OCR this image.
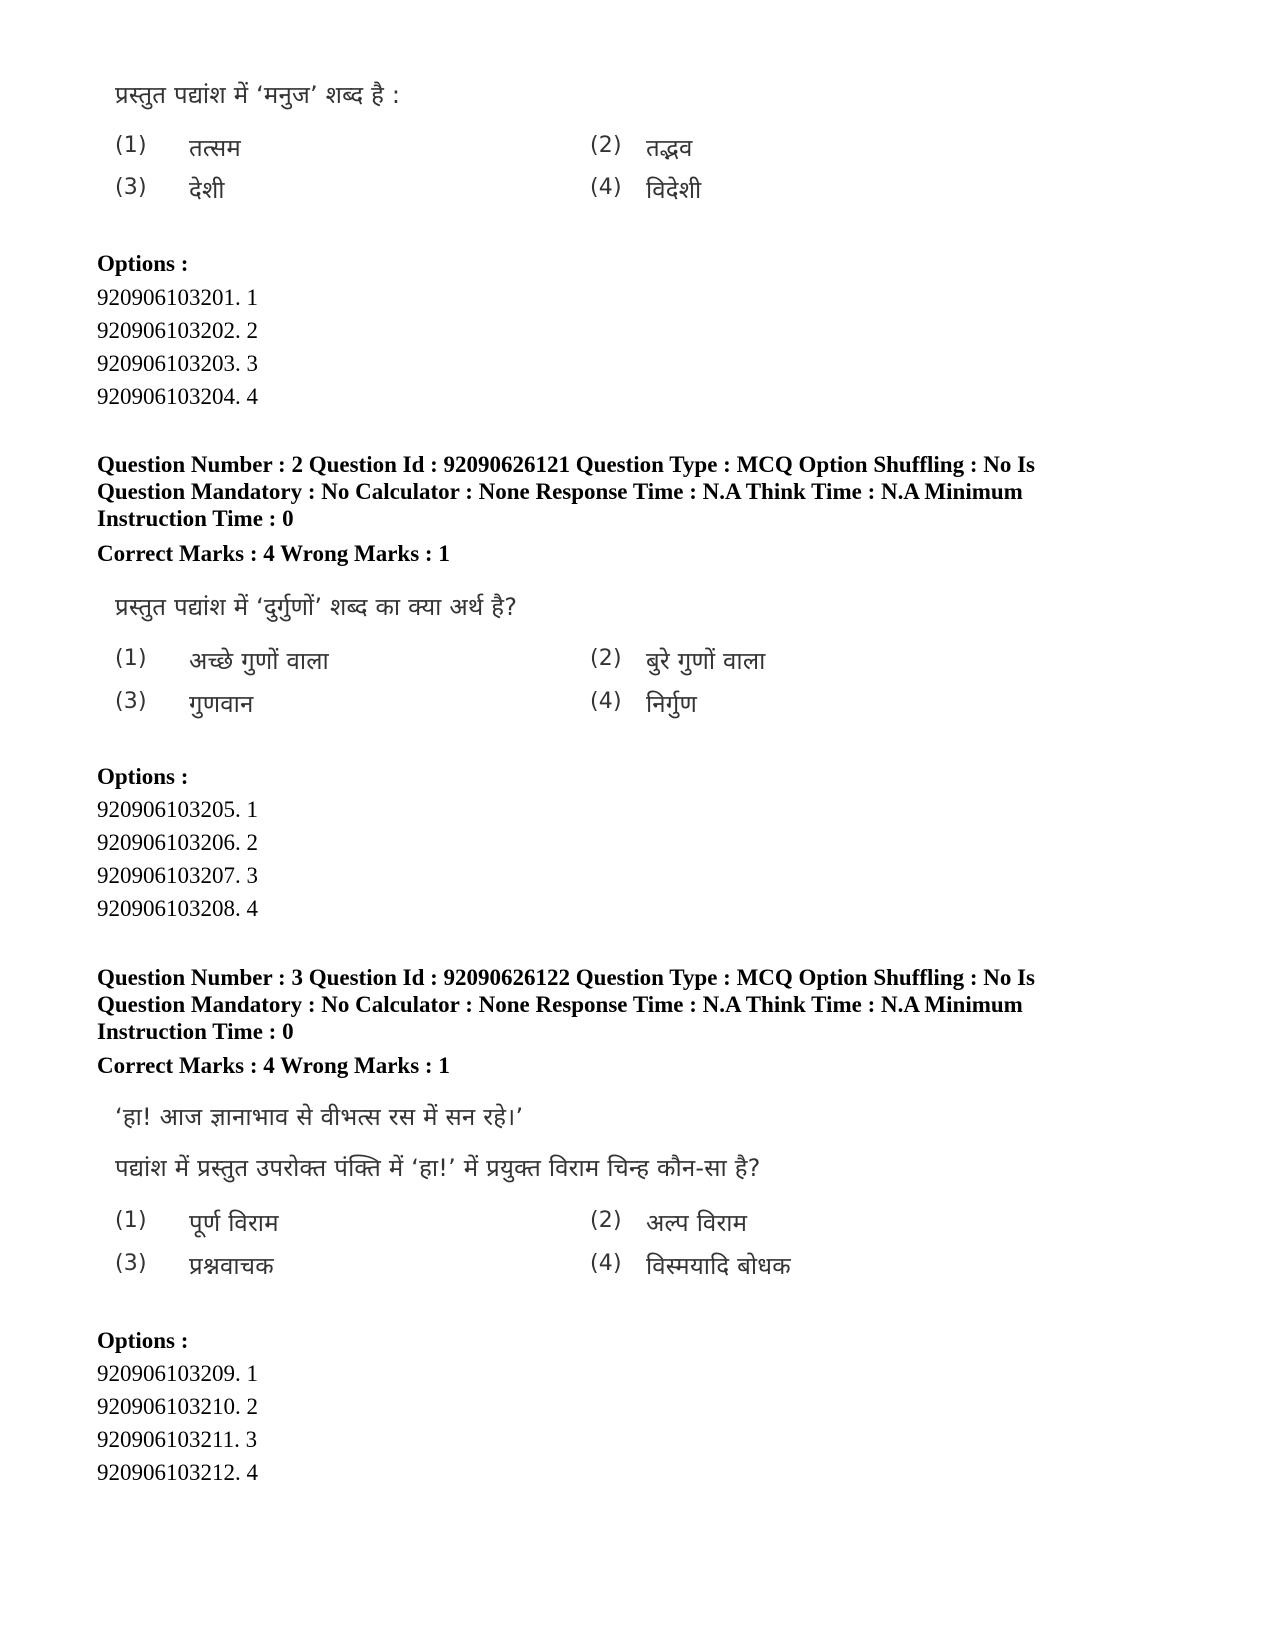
प्रस्तुत पद्यांश में ‘मनुज’ शब्द है :
(1) तत्सम	(2) तद्भव
(3) देशी	(4) विदेशी
Options :
920906103201. 1
920906103202. 2
920906103203. 3
920906103204. 4
Question Number : 2 Question Id : 92090626121 Question Type : MCQ Option Shuffling : No Is Question Mandatory : No Calculator : None Response Time : N.A Think Time : N.A Minimum Instruction Time : 0
Correct Marks : 4 Wrong Marks : 1
प्रस्तुत पद्यांश में ‘दुर्गुणों’ शब्द का क्या अर्थ है?
(1) अच्छे गुणों वाला	(2) बुरे गुणों वाला
(3) गुणवान	(4) निर्गुण
Options :
920906103205. 1
920906103206. 2
920906103207. 3
920906103208. 4
Question Number : 3 Question Id : 92090626122 Question Type : MCQ Option Shuffling : No Is Question Mandatory : No Calculator : None Response Time : N.A Think Time : N.A Minimum Instruction Time : 0
Correct Marks : 4 Wrong Marks : 1
‘हा! आज ज्ञानाभाव से वीभत्स रस में सन रहे।’
पद्यांश में प्रस्तुत उपरोक्त पंक्ति में ‘हा!’ में प्रयुक्त विराम चिन्ह कौन-सा है?
(1) पूर्ण विराम	(2) अल्प विराम
(3) प्रश्नवाचक	(4) विस्मयादि बोधक
Options :
920906103209. 1
920906103210. 2
920906103211. 3
920906103212. 4
